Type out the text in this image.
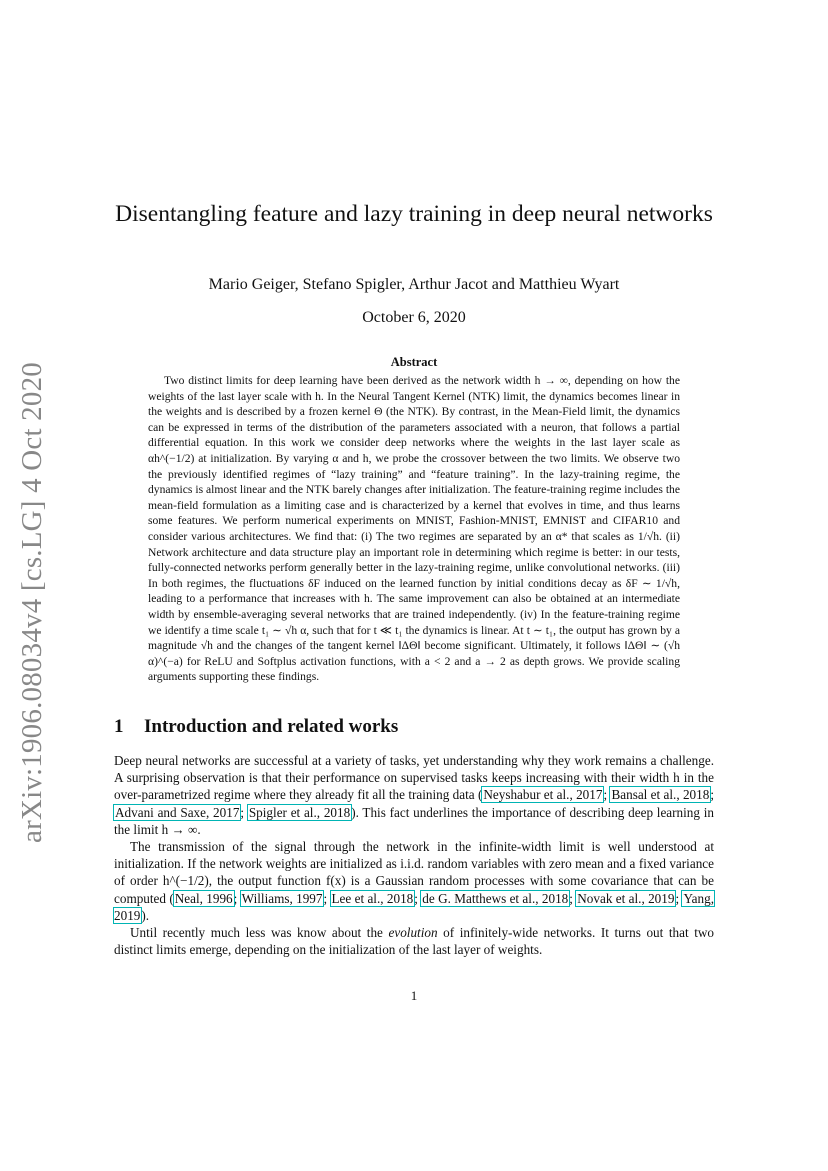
arXiv:1906.08034v4 [cs.LG] 4 Oct 2020
Disentangling feature and lazy training in deep neural networks
Mario Geiger, Stefano Spigler, Arthur Jacot and Matthieu Wyart
October 6, 2020
Abstract
Two distinct limits for deep learning have been derived as the network width h → ∞, depending on how the weights of the last layer scale with h. In the Neural Tangent Kernel (NTK) limit, the dynamics becomes linear in the weights and is described by a frozen kernel Θ (the NTK). By contrast, in the Mean-Field limit, the dynamics can be expressed in terms of the distribution of the parameters associated with a neuron, that follows a partial differential equation. In this work we consider deep networks where the weights in the last layer scale as αh^(−1/2) at initialization. By varying α and h, we probe the crossover between the two limits. We observe two the previously identified regimes of “lazy training” and “feature training”. In the lazy-training regime, the dynamics is almost linear and the NTK barely changes after initialization. The feature-training regime includes the mean-field formulation as a limiting case and is characterized by a kernel that evolves in time, and thus learns some features. We perform numerical experiments on MNIST, Fashion-MNIST, EMNIST and CIFAR10 and consider various architectures. We find that: (i) The two regimes are separated by an α* that scales as 1/√h. (ii) Network architecture and data structure play an important role in determining which regime is better: in our tests, fully-connected networks perform generally better in the lazy-training regime, unlike convolutional networks. (iii) In both regimes, the fluctuations δF induced on the learned function by initial conditions decay as δF ∼ 1/√h, leading to a performance that increases with h. The same improvement can also be obtained at an intermediate width by ensemble-averaging several networks that are trained independently. (iv) In the feature-training regime we identify a time scale t₁ ∼ √h α, such that for t ≪ t₁ the dynamics is linear. At t ∼ t₁, the output has grown by a magnitude √h and the changes of the tangent kernel ‖ΔΘ‖ become significant. Ultimately, it follows ‖ΔΘ‖ ∼ (√h α)^(−a) for ReLU and Softplus activation functions, with a < 2 and a → 2 as depth grows. We provide scaling arguments supporting these findings.
1 Introduction and related works

Deep neural networks are successful at a variety of tasks, yet understanding why they work remains a challenge. A surprising observation is that their performance on supervised tasks keeps increasing with their width h in the over-parametrized regime where they already fit all the training data (Neyshabur et al., 2017; Bansal et al., 2018; Advani and Saxe, 2017; Spigler et al., 2018). This fact underlines the importance of describing deep learning in the limit h → ∞.

The transmission of the signal through the network in the infinite-width limit is well understood at initialization. If the network weights are initialized as i.i.d. random variables with zero mean and a fixed variance of order h^(−1/2), the output function f(x) is a Gaussian random processes with some covariance that can be computed (Neal, 1996; Williams, 1997; Lee et al., 2018; de G. Matthews et al., 2018; Novak et al., 2019; Yang, 2019).

Until recently much less was know about the evolution of infinitely-wide networks. It turns out that two distinct limits emerge, depending on the initialization of the last layer of weights.

1
